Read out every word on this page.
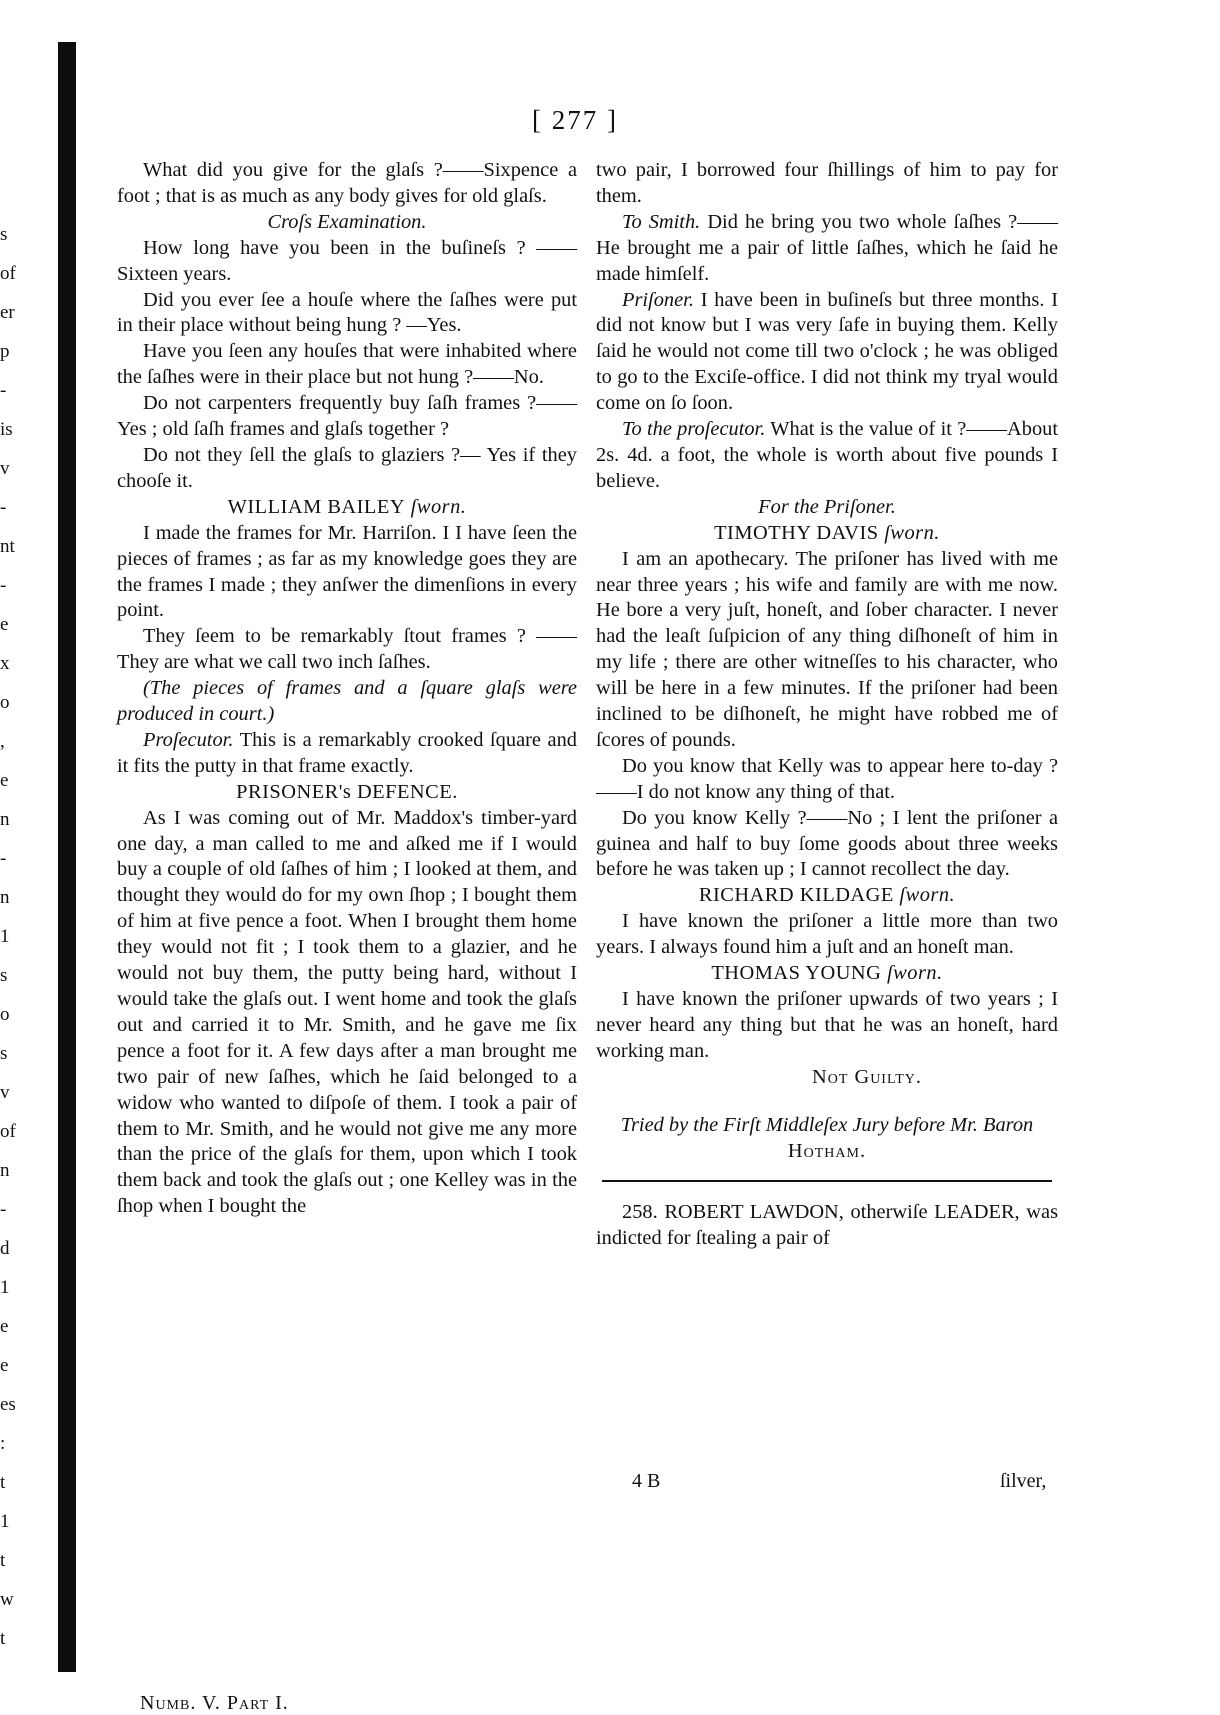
s
of
er
p
-
is
v
-
nt
-
e
x
o
,
e
n
-
n
1
s
o
s
v
of
n
-
d
1
e
e
es
:
t
1
t
w
t
[ 277 ]

What did you give for the glaſs ?——Sixpence a foot ; that is as much as any body gives for old glaſs.

Croſs Examination.

How long have you been in the buſineſs ? ——Sixteen years.

Did you ever ſee a houſe where the ſaſhes were put in their place without being hung ? —Yes.

Have you ſeen any houſes that were inhabited where the ſaſhes were in their place but not hung ?——No.

Do not carpenters frequently buy ſaſh frames ?——Yes ; old ſaſh frames and glaſs together ?

Do not they ſell the glaſs to glaziers ?— Yes if they chooſe it.

WILLIAM BAILEY ſworn.

I made the frames for Mr. Harriſon. I I have ſeen the pieces of frames ; as far as my knowledge goes they are the frames I made ; they anſwer the dimenſions in every point.

They ſeem to be remarkably ſtout frames ? ——They are what we call two inch ſaſhes.

(The pieces of frames and a ſquare glaſs were produced in court.)

Proſecutor. This is a remarkably crooked ſquare and it fits the putty in that frame exactly.

PRISONER's DEFENCE.

As I was coming out of Mr. Maddox's timber-yard one day, a man called to me and aſked me if I would buy a couple of old ſaſhes of him ; I looked at them, and thought they would do for my own ſhop ; I bought them of him at five pence a foot. When I brought them home they would not fit ; I took them to a glazier, and he would not buy them, the putty being hard, without I would take the glaſs out. I went home and took the glaſs out and carried it to Mr. Smith, and he gave me ſix pence a foot for it. A few days after a man brought me two pair of new ſaſhes, which he ſaid belonged to a widow who wanted to diſpoſe of them. I took a pair of them to Mr. Smith, and he would not give me any more than the price of the glaſs for them, upon which I took them back and took the glaſs out ; one Kelley was in the ſhop when I bought the

two pair, I borrowed four ſhillings of him to pay for them.

To Smith. Did he bring you two whole ſaſhes ?——He brought me a pair of little ſaſhes, which he ſaid he made himſelf.

Priſoner. I have been in buſineſs but three months. I did not know but I was very ſafe in buying them. Kelly ſaid he would not come till two o'clock ; he was obliged to go to the Exciſe-office. I did not think my tryal would come on ſo ſoon.

To the proſecutor. What is the value of it ?——About 2s. 4d. a foot, the whole is worth about five pounds I believe.

For the Priſoner.

TIMOTHY DAVIS ſworn.

I am an apothecary. The priſoner has lived with me near three years ; his wife and family are with me now. He bore a very juſt, honeſt, and ſober character. I never had the leaſt ſuſpicion of any thing diſhoneſt of him in my life ; there are other witneſſes to his character, who will be here in a few minutes. If the priſoner had been inclined to be diſhoneſt, he might have robbed me of ſcores of pounds.

Do you know that Kelly was to appear here to-day ?——I do not know any thing of that.

Do you know Kelly ?——No ; I lent the priſoner a guinea and half to buy ſome goods about three weeks before he was taken up ; I cannot recollect the day.

RICHARD KILDAGE ſworn.

I have known the priſoner a little more than two years. I always found him a juſt and an honeſt man.

THOMAS YOUNG ſworn.

I have known the priſoner upwards of two years ; I never heard any thing but that he was an honeſt, hard working man.

Not Guilty.

Tried by the Firſt Middleſex Jury before Mr. Baron Hotham.

258. ROBERT LAWDON, otherwiſe LEADER, was indicted for ſtealing a pair of

4 B	ſilver,
Numb. V. Part I.
